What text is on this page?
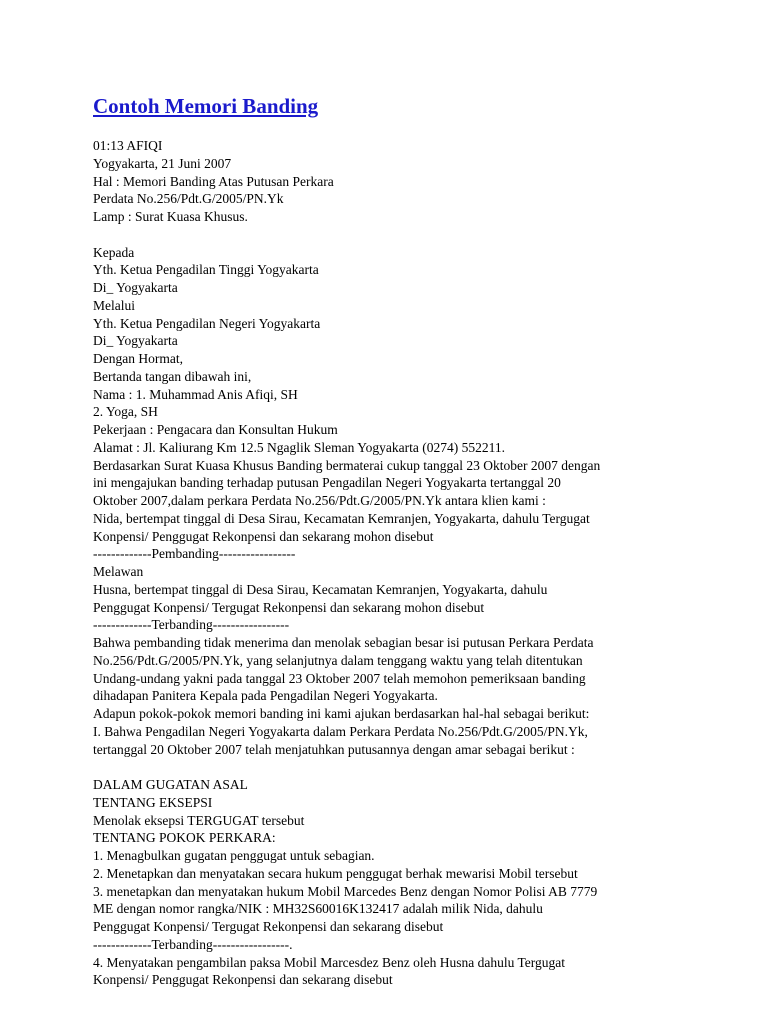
Contoh Memori Banding
01:13 AFIQI
Yogyakarta, 21 Juni 2007
Hal : Memori Banding Atas Putusan Perkara
Perdata No.256/Pdt.G/2005/PN.Yk
Lamp : Surat Kuasa Khusus.
Kepada
Yth. Ketua Pengadilan Tinggi Yogyakarta
Di_ Yogyakarta
Melalui
Yth. Ketua Pengadilan Negeri Yogyakarta
Di_ Yogyakarta
Dengan Hormat,
Bertanda tangan dibawah ini,
Nama : 1. Muhammad Anis Afiqi, SH
2. Yoga, SH
Pekerjaan : Pengacara dan Konsultan Hukum
Alamat : Jl. Kaliurang Km 12.5 Ngaglik Sleman Yogyakarta (0274) 552211.
Berdasarkan Surat Kuasa Khusus Banding bermaterai cukup tanggal 23 Oktober 2007 dengan
ini mengajukan banding terhadap putusan Pengadilan Negeri Yogyakarta tertanggal 20
Oktober 2007,dalam perkara Perdata No.256/Pdt.G/2005/PN.Yk antara klien kami :
Nida, bertempat tinggal di Desa Sirau, Kecamatan Kemranjen, Yogyakarta, dahulu Tergugat
Konpensi/ Penggugat Rekonpensi dan sekarang mohon disebut
-------------Pembanding-----------------
Melawan
Husna, bertempat tinggal di Desa Sirau, Kecamatan Kemranjen, Yogyakarta, dahulu
Penggugat Konpensi/ Tergugat Rekonpensi dan sekarang mohon disebut
-------------Terbanding-----------------
Bahwa pembanding tidak menerima dan menolak sebagian besar isi putusan Perkara Perdata
No.256/Pdt.G/2005/PN.Yk, yang selanjutnya dalam tenggang waktu yang telah ditentukan
Undang-undang yakni pada tanggal 23 Oktober 2007 telah memohon pemeriksaan banding
dihadapan Panitera Kepala pada Pengadilan Negeri Yogyakarta.
Adapun pokok-pokok memori banding ini kami ajukan berdasarkan hal-hal sebagai berikut:
I. Bahwa Pengadilan Negeri Yogyakarta dalam Perkara Perdata No.256/Pdt.G/2005/PN.Yk,
tertanggal 20 Oktober 2007 telah menjatuhkan putusannya dengan amar sebagai berikut :
DALAM GUGATAN ASAL
TENTANG EKSEPSI
Menolak eksepsi TERGUGAT tersebut
TENTANG POKOK PERKARA:
1. Menagbulkan gugatan penggugat untuk sebagian.
2. Menetapkan dan menyatakan secara hukum penggugat berhak mewarisi Mobil tersebut
3. menetapkan dan menyatakan hukum Mobil Marcedes Benz dengan Nomor Polisi AB 7779
ME dengan nomor rangka/NIK : MH32S60016K132417 adalah milik Nida, dahulu
Penggugat Konpensi/ Tergugat Rekonpensi dan sekarang disebut
-------------Terbanding-----------------.
4. Menyatakan pengambilan paksa Mobil Marcesdez Benz oleh Husna dahulu Tergugat
Konpensi/ Penggugat Rekonpensi dan sekarang disebut
